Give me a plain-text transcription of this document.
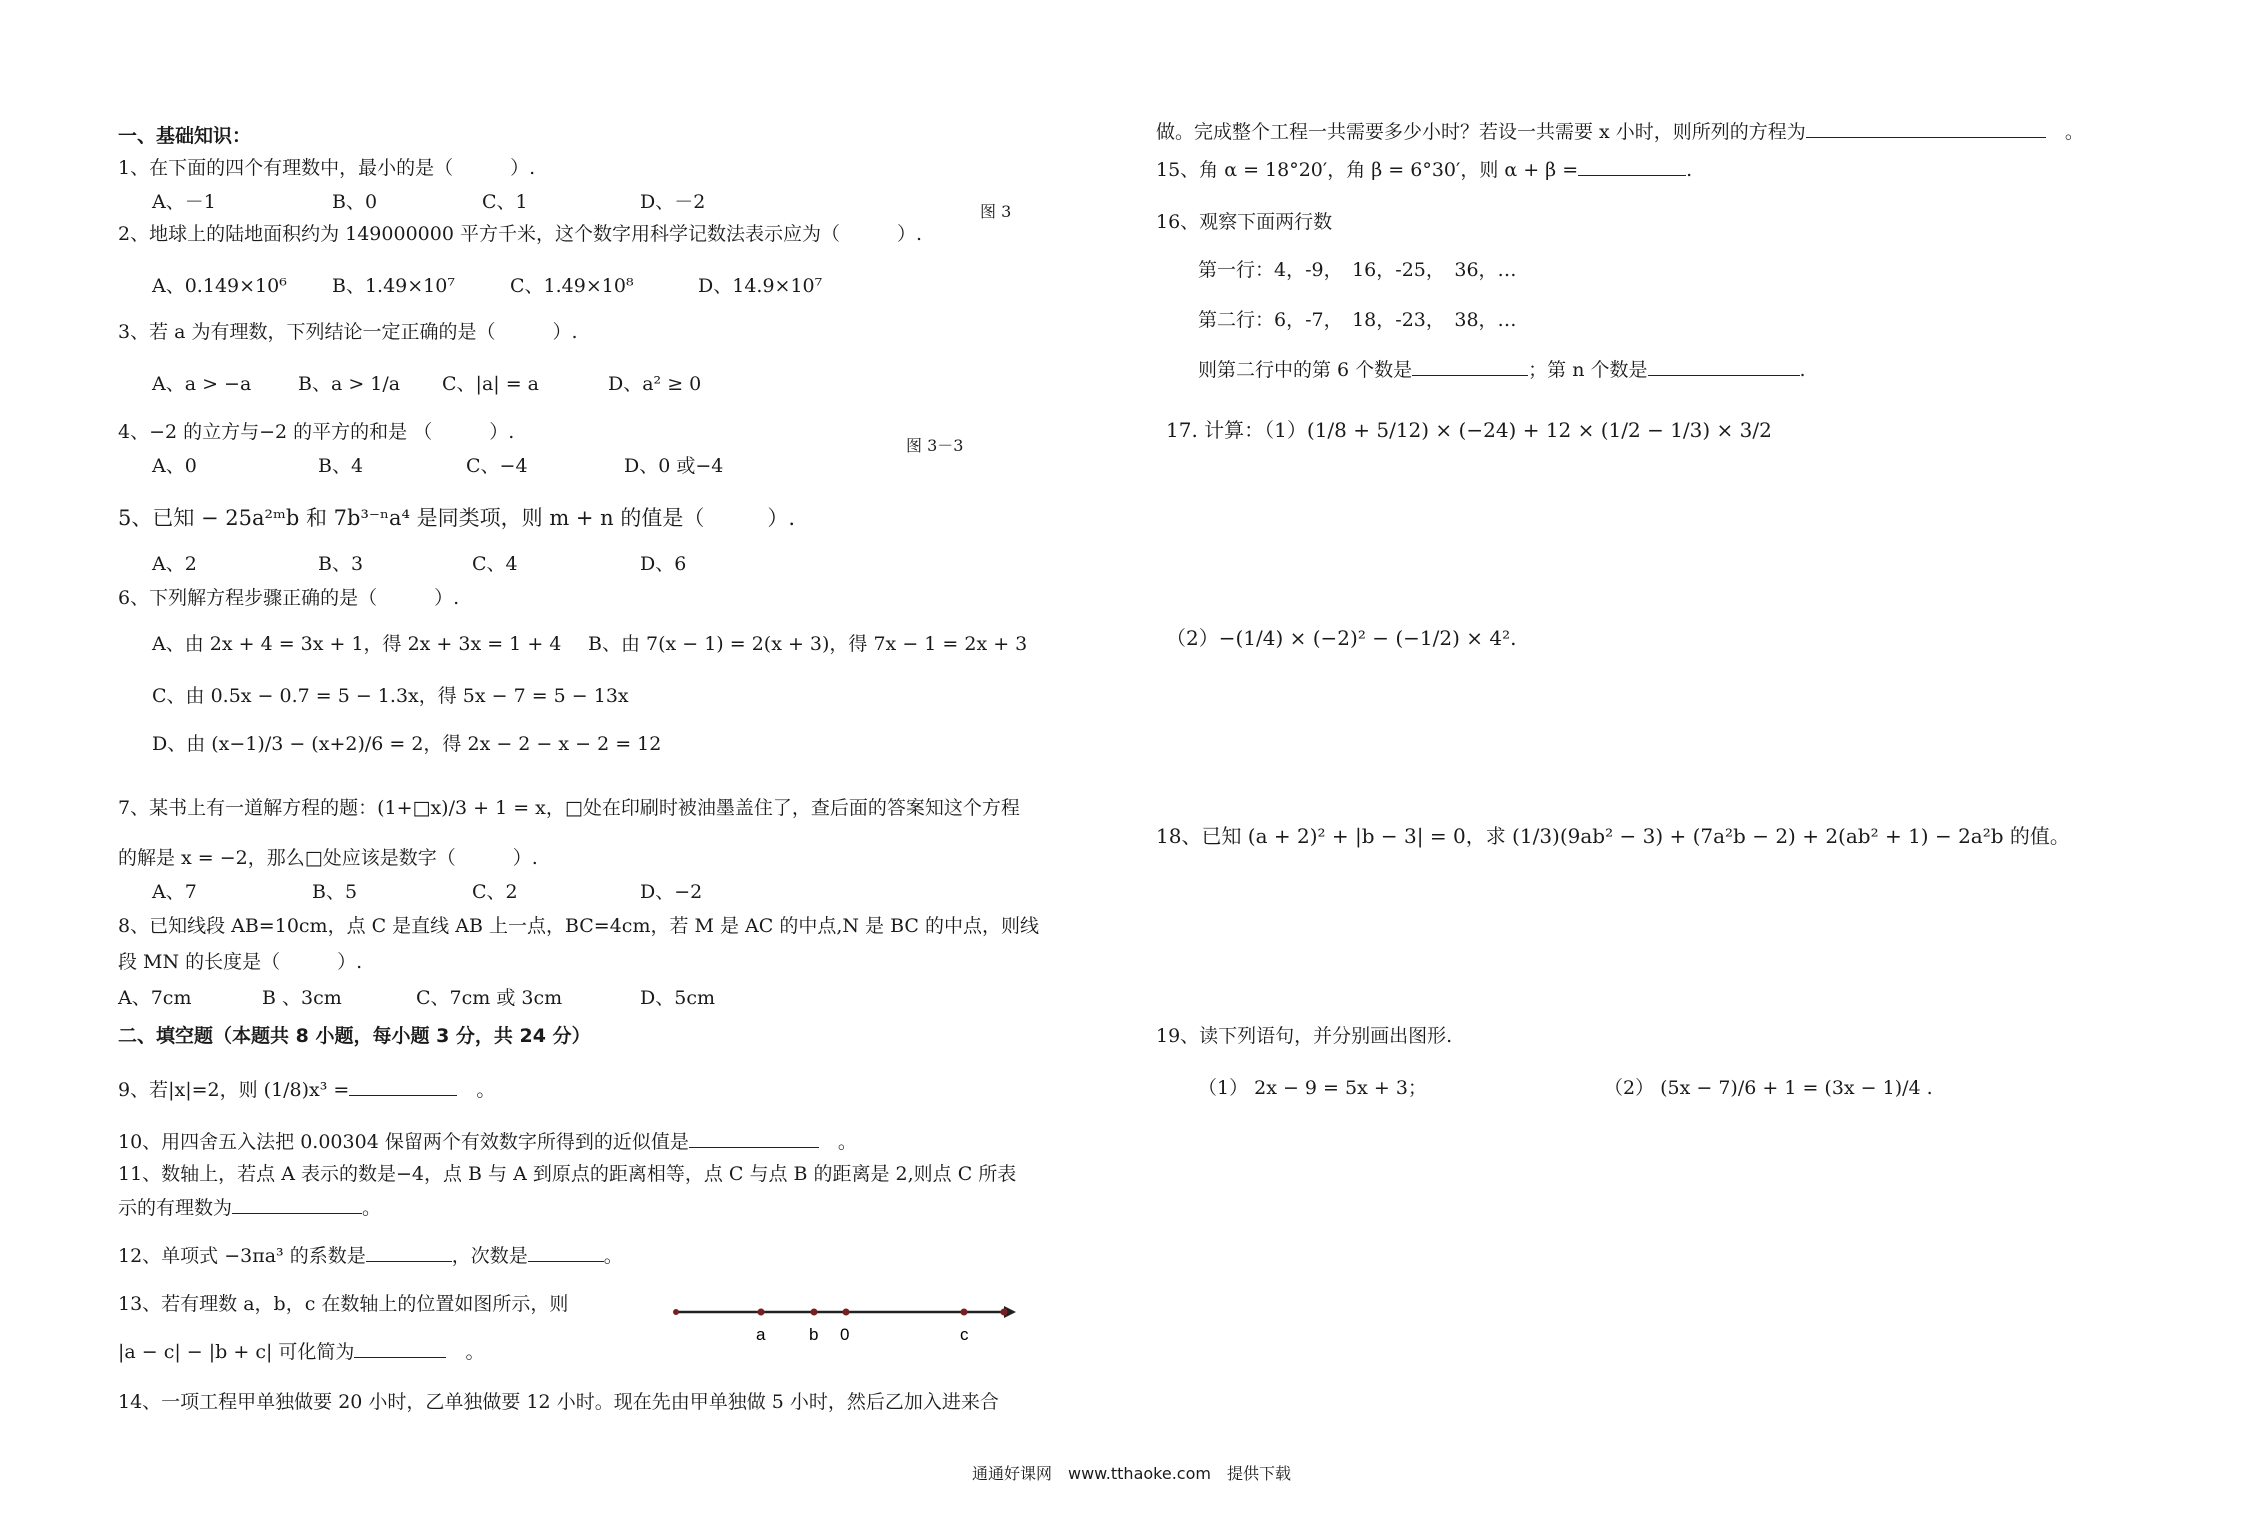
一、基础知识：
1、在下面的四个有理数中，最小的是（　　　）.
A、－1	B、0	C、1	D、－2	图 3
2、地球上的陆地面积约为 149000000 平方千米，这个数字用科学记数法表示应为（　　　）.
A、0.149×10⁶ B、1.49×10⁷	C、1.49×10⁸	D、14.9×10⁷
3、若 a 为有理数，下列结论一定正确的是（　　　）.
A、a > −a B、a > 1/a C、|a| = a	D、a² ≥ 0
4、−2 的立方与−2 的平方的和是 （　　　）.
图 3－3
A、0	B、4	C、−4	D、0 或−4
5、已知 − 25a²ᵐb 和 7b³⁻ⁿa⁴ 是同类项，则 m + n 的值是（　　　）.
A、2	B、3	C、4	D、6
6、下列解方程步骤正确的是（　　　）.
A、由 2x + 4 = 3x + 1，得 2x + 3x = 1 + 4 B、由 7(x − 1) = 2(x + 3)，得 7x − 1 = 2x + 3
C、由 0.5x − 0.7 = 5 − 1.3x，得 5x − 7 = 5 − 13x
D、由 (x−1)/3 − (x+2)/6 = 2，得 2x − 2 − x − 2 = 12
7、某书上有一道解方程的题：(1+□x)/3 + 1 = x，□处在印刷时被油墨盖住了，查后面的答案知这个方程
的解是 x = −2，那么□处应该是数字（　　　）.
A、7	B、5	C、2	D、−2
8、已知线段 AB=10cm，点 C 是直线 AB 上一点，BC=4cm，若 M 是 AC 的中点,N 是 BC 的中点，则线
段 MN 的长度是（　　　）.
A、7cm	B 、3cm	C、7cm 或 3cm	D、5cm
二、填空题（本题共 8 小题，每小题 3 分，共 24 分）
9、若|x|=2，则 (1/8)x³ =　	。
10、用四舍五入法把 0.00304 保留两个有效数字所得到的近似值是　	。
11、数轴上，若点 A 表示的数是−4，点 B 与 A 到原点的距离相等，点 C 与点 B 的距离是 2,则点 C 所表
示的有理数为	。
12、单项式 −3πa³ 的系数是	，次数是	。
13、若有理数 a，b，c 在数轴上的位置如图所示，则
|a − c| − |b + c| 可化简为　	。
a	b 0	c
14、一项工程甲单独做要 20 小时，乙单独做要 12 小时。现在先由甲单独做 5 小时，然后乙加入进来合
做。完成整个工程一共需要多少小时？若设一共需要 x 小时，则所列的方程为　	。
15、角 α = 18°20′，角 β = 6°30′，则 α + β =	.
16、观察下面两行数
第一行：4，-9，　16，-25，　36，…
第二行：6，-7，　18，-23，　38，…
则第二行中的第 6 个数是	；第 n 个数是	.
17. 计算：（1）(1/8 + 5/12) × (−24) + 12 × (1/2 − 1/3) × 3/2
（2）−(1/4) × (−2)² − (−1/2) × 4².
18、已知 (a + 2)² + |b − 3| = 0，求 (1/3)(9ab² − 3) + (7a²b − 2) + 2(ab² + 1) − 2a²b 的值。
19、读下列语句，并分别画出图形.
（1） 2x − 9 = 5x + 3；	（2） (5x − 7)/6 + 1 = (3x − 1)/4 .
通通好课网　www.tthaoke.com　提供下载
